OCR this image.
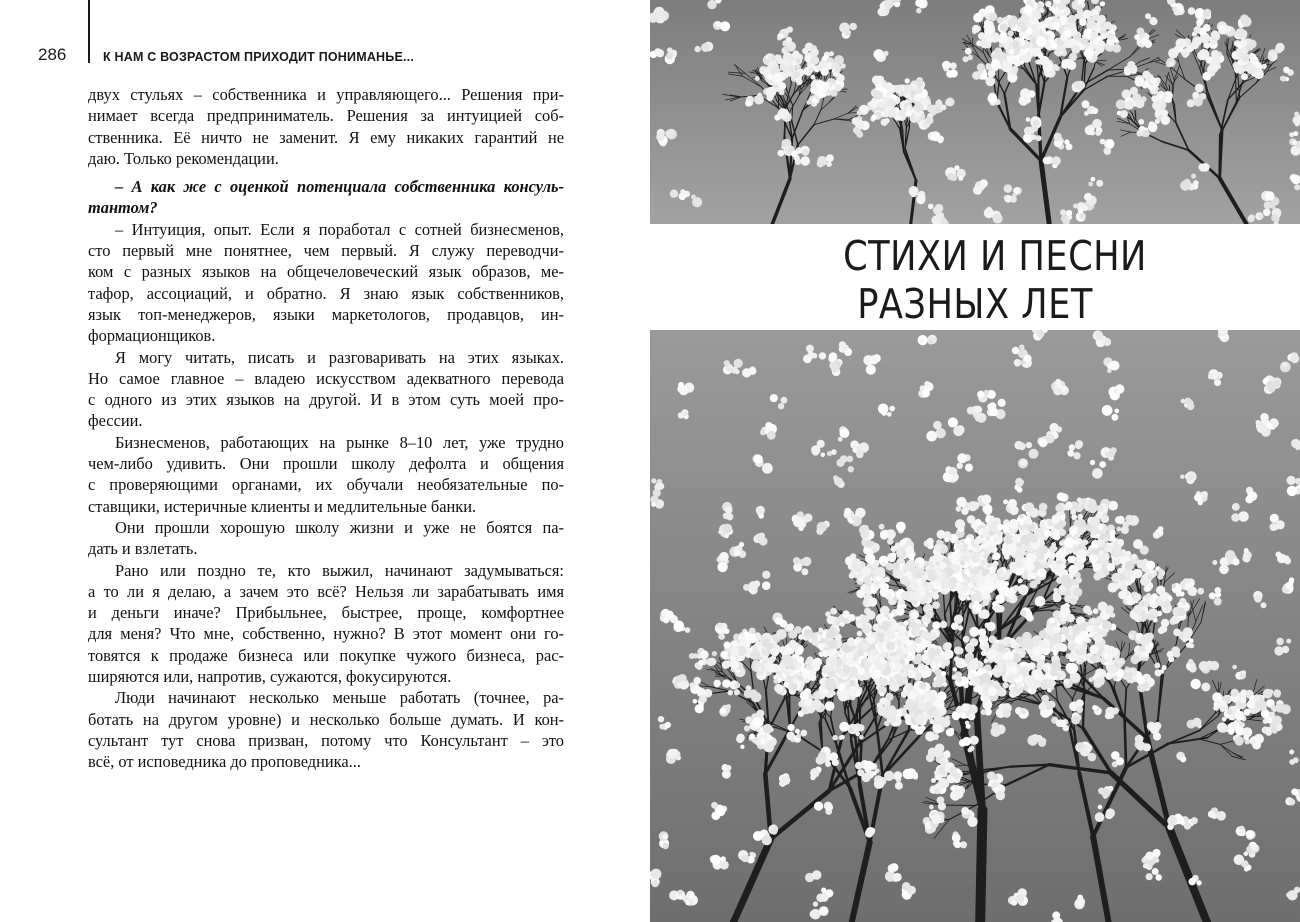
286	К НАМ С ВОЗРАСТОМ ПРИХОДИТ ПОНИМАНЬЕ...
двух стульях – собственника и управляющего... Решения при-
нимает всегда предприниматель. Решения за интуицией соб-
ственника. Её ничто не заменит. Я ему никаких гарантий не
даю. Только рекомендации.
– А как же с оценкой потенциала собственника консуль-
тантом?
– Интуиция, опыт. Если я поработал с сотней бизнесменов,
сто первый мне понятнее, чем первый. Я служу переводчи-
ком с разных языков на общечеловеческий язык образов, ме-
тафор, ассоциаций, и обратно. Я знаю язык собственников,
язык топ-менеджеров, языки маркетологов, продавцов, ин-
формационщиков.
Я могу читать, писать и разговаривать на этих языках.
Но самое главное – владею искусством адекватного перевода
с одного из этих языков на другой. И в этом суть моей про-
фессии.
Бизнесменов, работающих на рынке 8–10 лет, уже трудно
чем-либо удивить. Они прошли школу дефолта и общения
с проверяющими органами, их обучали необязательные по-
ставщики, истеричные клиенты и медлительные банки.
Они прошли хорошую школу жизни и уже не боятся па-
дать и взлетать.
Рано или поздно те, кто выжил, начинают задумываться:
а то ли я делаю, а зачем это всё? Нельзя ли зарабатывать имя
и деньги иначе? Прибыльнее, быстрее, проще, комфортнее
для меня? Что мне, собственно, нужно? В этот момент они го-
товятся к продаже бизнеса или покупке чужого бизнеса, рас-
ширяются или, напротив, сужаются, фокусируются.
Люди начинают несколько меньше работать (точнее, ра-
ботать на другом уровне) и несколько больше думать. И кон-
сультант тут снова призван, потому что Консультант – это
всё, от исповедника до проповедника...
СТИХИ И ПЕСНИ
РАЗНЫХ ЛЕТ
